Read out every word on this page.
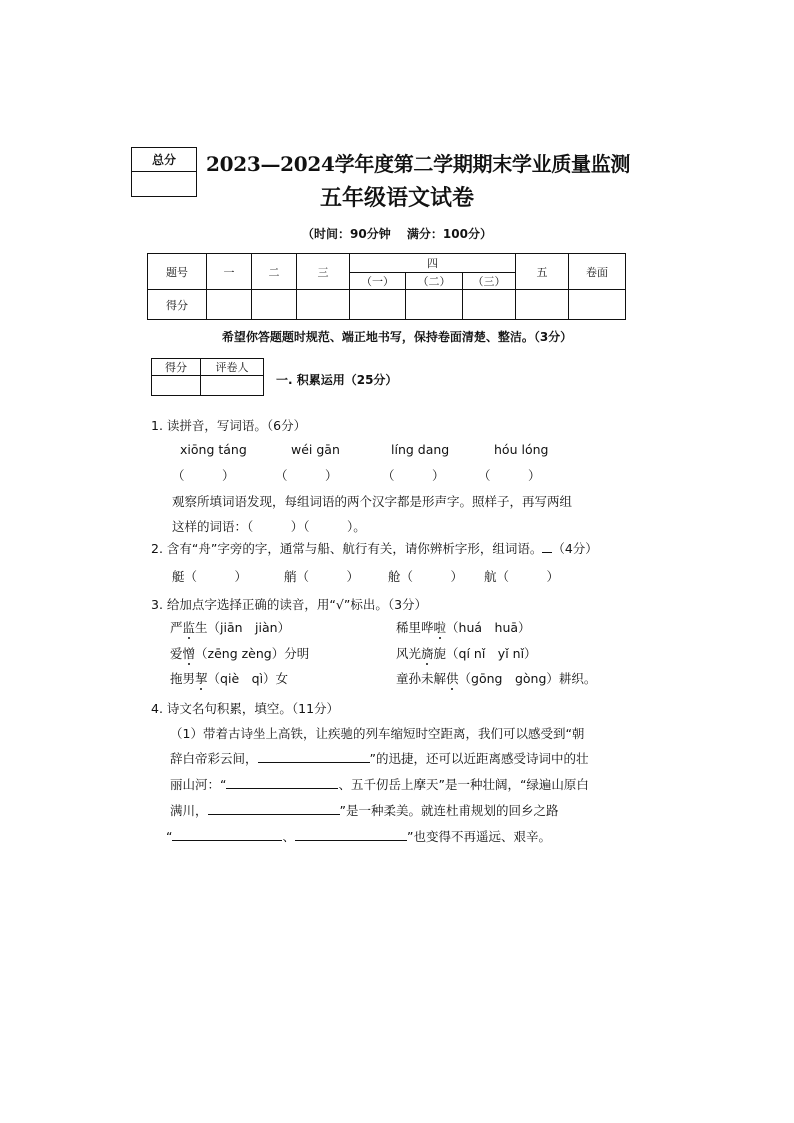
总分	2023—2024学年度第二学期期末学业质量监测
五年级语文试卷
（时间：90分钟　 满分：100分）
题号	一	二	三	四			五	卷面
				（一）	（二）	（三）		
得分								
希望你答题题时规范、端正地书写，保持卷面清楚、整洁。（3分）
得分	评卷人

一. 积累运用（25分）
1. 读拼音，写词语。（6分）
xiōng táng	wéi gān	líng dang	hóu lóng
（　　　）	（　　　）	（　　　）	（　　　）
观察所填词语发现，每组词语的两个汉字都是形声字。照样子，再写两组
这样的词语：（　　　）（　　　）。
2. 含有“舟”字旁的字，通常与船、航行有关，请你辨析字形，组词语。 （4分）
艇（　　　）	艄（　　　） 舱（　　　） 航（　　　）
3. 给加点字选择正确的读音，用“√”标出。（3分）
严监生（jiān　jiàn）	稀里哗啦（huá　huā）
爱憎（zēng zèng）分明	风光旖旎（qí nǐ　yǐ nǐ）
拖男挈（qiè　qì）女	童孙未解供（gōng　gòng）耕织。
4. 诗文名句积累，填空。（11分）
（1）带着古诗坐上高铁，让疾驰的列车缩短时空距离，我们可以感受到“朝
辞白帝彩云间，	”的迅捷，还可以近距离感受诗词中的壮
丽山河：“	、五千仞岳上摩天”是一种壮阔，“绿遍山原白
满川，	”是一种柔美。就连杜甫规划的回乡之路
“	、	”也变得不再遥远、艰辛。
